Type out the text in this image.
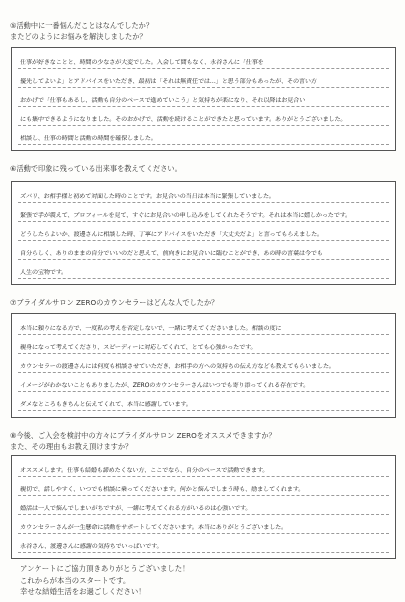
⑤活動中に一番悩んだことはなんでしたか？
またどのようにお悩みを解決しましたか？
仕事が好きなことと、時間の少なさが大変でした。入会して間もなく、永谷さんに「仕事を
優先してよいよ」とアドバイスをいただき、最初は「それは無責任では…」と思う部分もあったが、その言い方
おかげで「仕事もあるし、活動も自分のペースで進めていこう」と気持ちが楽になり、それ以降はお見合い
にも集中できるようになりました。そのおかげで、活動を続けることができたと思っています。ありがとうございました。
相談し、仕事の時間と活動の時間を確保しました。
⑥活動で印象に残っている出来事を教えてください。
ズバリ、お相手様と初めて対面した時のことです。お見合いの当日は本当に緊張していました。
緊張で手が震えて、プロフィールを見て、すぐにお見合いの申し込みをしてくれたそうです。それは本当に嬉しかったです。
どうしたらよいか、渡邊さんに相談した時、丁寧にアドバイスをいただき「大丈夫だよ」と言ってもらえました。
自分らしく、ありのままの自分でいいのだと思えて、前向きにお見合いに臨むことができ、あの時の言葉は今でも
人生の宝物です。
⑦ブライダルサロン ZEROのカウンセラーはどんな人でしたか？
本当に頼りになる方で、一度私の考えを否定しないで、一緒に考えてくださいました。相談の度に
親身になって考えてくださり、スピーディーに対応してくれて、とても心強かったです。
カウンセラーの渡邊さんには何度も相談させていただき、お相手の方への気持ちの伝え方なども教えてもらいました。
イメージがわかないこともありましたが、ZEROのカウンセラーさんはいつでも寄り添ってくれる存在です。
ダメなところもきちんと伝えてくれて、本当に感謝しています。
⑧今後、ご入会を検討中の方々にブライダルサロン ZEROをオススメできますか？
また、その理由もお教え頂けますか？
オススメします。仕事も結婚も諦めたくない方、ここでなら、自分のペースで活動できます。
親切で、話しやすく、いつでも相談に乗ってくださいます。何かと悩んでしまう時も、励ましてくれます。
婚活は一人で悩んでしまいがちですが、一緒に考えてくれる方がいるのは心強いです。
カウンセラーさんが一生懸命に活動をサポートしてくださいます。本当にありがとうございました。
永谷さん、渡邊さんに感謝の気持ちでいっぱいです。
アンケートにご協力頂きありがとうございました！
これからが本当のスタートです。
幸せな結婚生活をお過ごしください！
